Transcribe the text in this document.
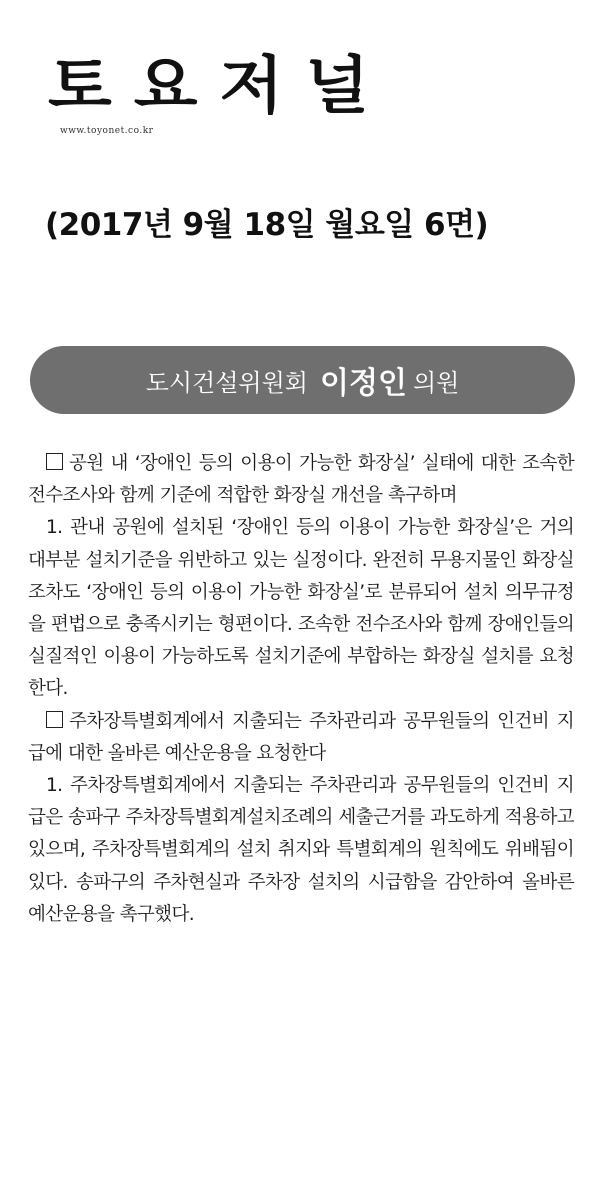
토요저널
www.toyonet.co.kr
(2017년 9월 18일 월요일 6면)
도시건설위원회 이정인 의원

공원 내 ‘장애인 등의 이용이 가능한 화장실’ 실태에 대한 조속한 전수조사와 함께 기준에 적합한 화장실 개선을 촉구하며

1. 관내 공원에 설치된 ‘장애인 등의 이용이 가능한 화장실’은 거의 대부분 설치기준을 위반하고 있는 실정이다. 완전히 무용지물인 화장실조차도 ‘장애인 등의 이용이 가능한 화장실’로 분류되어 설치 의무규정을 편법으로 충족시키는 형편이다. 조속한 전수조사와 함께 장애인들의 실질적인 이용이 가능하도록 설치기준에 부합하는 화장실 설치를 요청한다.

주차장특별회계에서 지출되는 주차관리과 공무원들의 인건비 지급에 대한 올바른 예산운용을 요청한다

1. 주차장특별회계에서 지출되는 주차관리과 공무원들의 인건비 지급은 송파구 주차장특별회계설치조례의 세출근거를 과도하게 적용하고 있으며, 주차장특별회계의 설치 취지와 특별회계의 원칙에도 위배됨이 있다. 송파구의 주차현실과 주차장 설치의 시급함을 감안하여 올바른 예산운용을 촉구했다.
